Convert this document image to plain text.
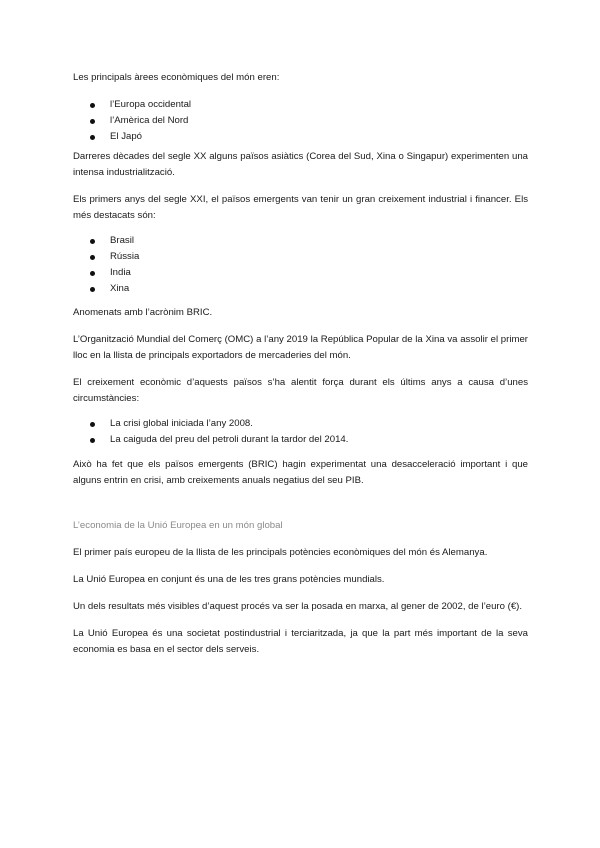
Les principals àrees econòmiques del món eren:

l’Europa occidental
l’Amèrica del Nord
El Japó

Darreres dècades del segle XX alguns països asiàtics (Corea del Sud, Xina o Singapur) experimenten una intensa industrialització.

Els primers anys del segle XXI, el països emergents van tenir un gran creixement industrial i financer. Els més destacats són:

Brasil
Rússia
India
Xina

Anomenats amb l’acrònim BRIC.

L’Organització Mundial del Comerç (OMC) a l’any 2019 la República Popular de la Xina va assolir el primer lloc en la llista de principals exportadors de mercaderies del món.

El creixement econòmic d’aquests països s’ha alentit força durant els últims anys a causa d’unes circumstàncies:

La crisi global iniciada l’any 2008.
La caiguda del preu del petroli durant la tardor del 2014.

Això ha fet que els països emergents (BRIC) hagin experimentat una desacceleració important i que alguns entrin en crisi, amb creixements anuals negatius del seu PIB.

L’economia de la Unió Europea en un món global

El primer país europeu de la llista de les principals potències econòmiques del món és Alemanya.

La Unió Europea en conjunt és una de les tres grans potències mundials.

Un dels resultats més visibles d’aquest procés va ser la posada en marxa, al gener de 2002, de l’euro (€).

La Unió Europea és una societat postindustrial i terciaritzada, ja que la part més important de la seva economia es basa en el sector dels serveis.
